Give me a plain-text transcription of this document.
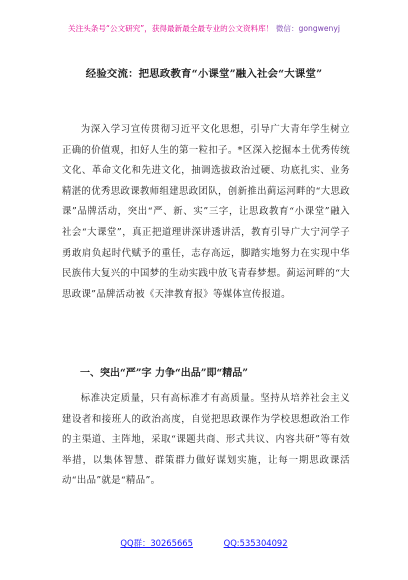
关注头条号“公文研究”，获得最新最全最专业的公文资料库！ 微信：gongwenyj
经验交流：把思政教育“小课堂”融入社会“大课堂”

为深入学习宣传贯彻习近平文化思想，引导广大青年学生树立正确的价值观，扣好人生的第一粒扣子。*区深入挖掘本土优秀传统文化、革命文化和先进文化，抽调选拔政治过硬、功底扎实、业务精湛的优秀思政课教师组建思政团队，创新推出蓟运河畔的“大思政课”品牌活动，突出“严、新、实”三字，让思政教育“小课堂”融入社会“大课堂”，真正把道理讲深讲透讲活，教育引导广大宁河学子勇敢肩负起时代赋予的重任，志存高远，脚踏实地努力在实现中华民族伟大复兴的中国梦的生动实践中放飞青春梦想。蓟运河畔的“大思政课”品牌活动被《天津教育报》等媒体宣传报道。

一、突出“严”字 力争“出品”即“精品”

标准决定质量，只有高标准才有高质量。坚持从培养社会主义建设者和接班人的政治高度，自觉把思政课作为学校思想政治工作的主渠道、主阵地，采取“课题共商、形式共议、内容共研”等有效举措，以集体智慧、群策群力做好谋划实施，让每一期思政课活动“出品”就是“精品”。

QQ群：30265665	QQ:535304092
